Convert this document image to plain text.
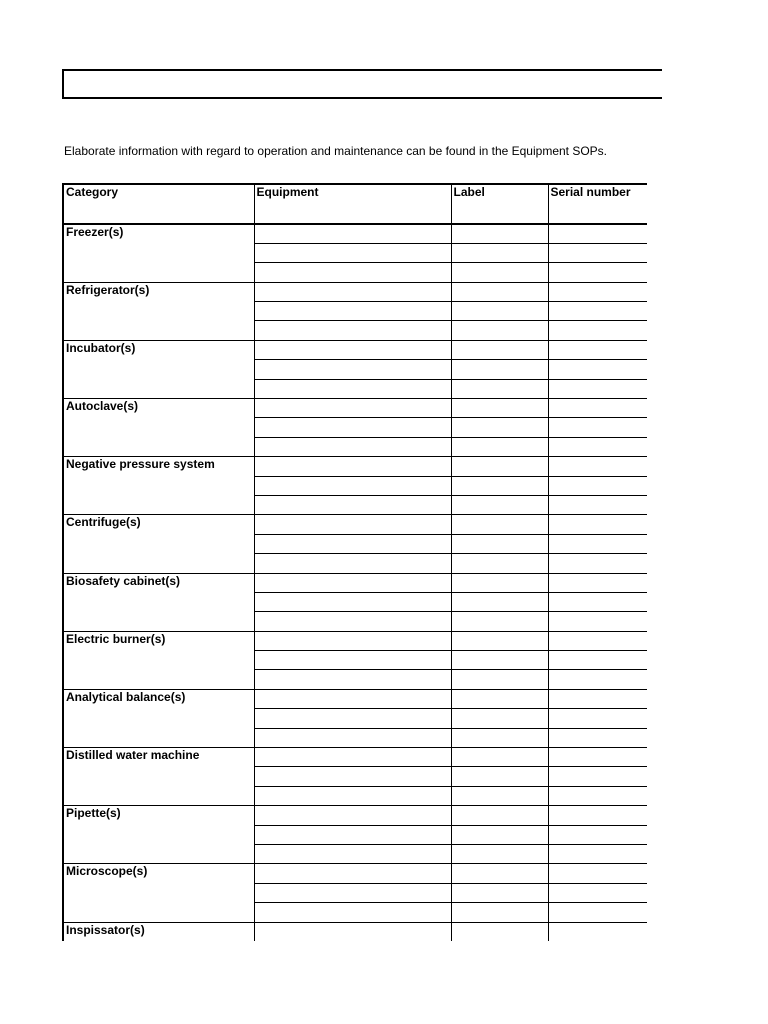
Elaborate information with regard to operation and maintenance can be found in the Equipment SOPs.
Category	Equipment	Label	Serial number
Freezer(s)			

Refrigerator(s)			

Incubator(s)			

Autoclave(s)			

Negative pressure system			

Centrifuge(s)			

Biosafety cabinet(s)			

Electric burner(s)			

Analytical balance(s)			

Distilled water machine			

Pipette(s)			

Microscope(s)			

Inspissator(s)			
